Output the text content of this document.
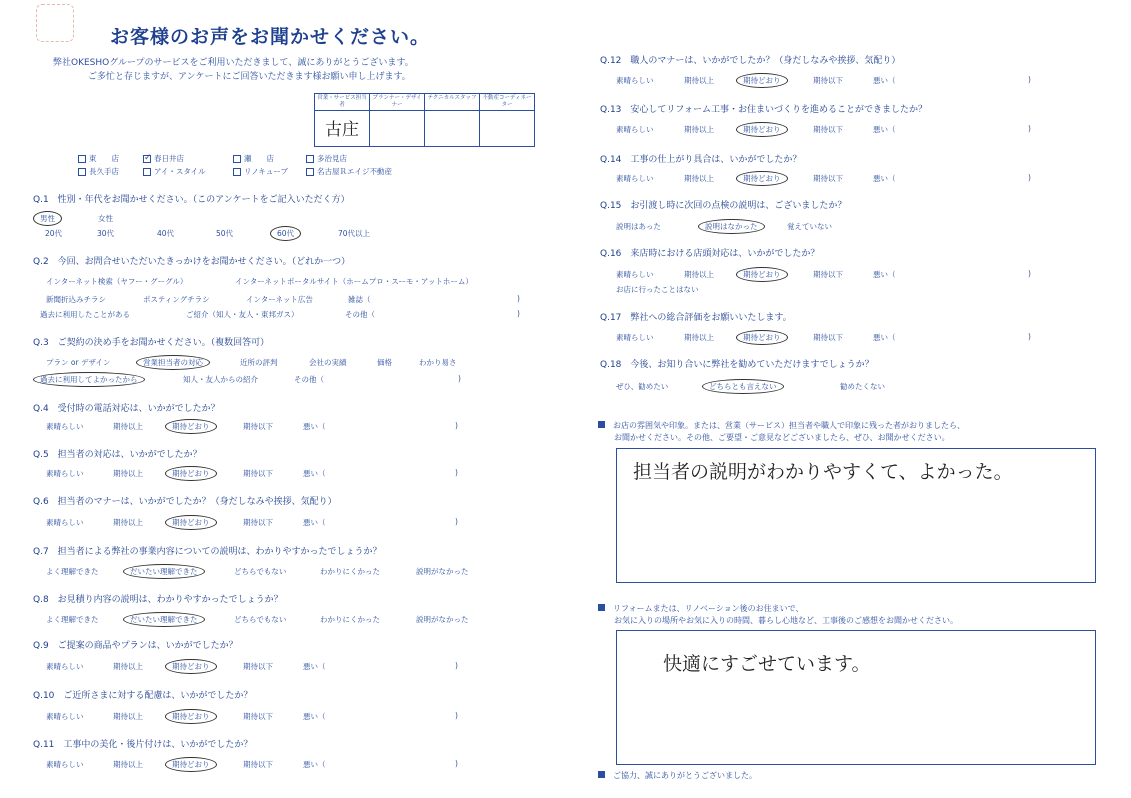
お客様のお声をお聞かせください。
弊社OKESHOグループのサービスをご利用いただきまして、誠にありがとうございます。
ご多忙と存じますが、アンケートにご回答いただきます様お願い申し上げます。
営業・サービス担当者
古庄
プランナー・デザイナー
テクニカルスタッフ	不動産コーディネーター
東　　店
✓	春日井店	瀬　　店	多治見店
長久手店	アイ・スタイル	リノキューブ	名古屋Ｒエイジ不動産
Q.1　性別・年代をお聞かせください。（このアンケートをご記入いただく方）
男性	女性
20代	30代	40代	50代	60代	70代以上
Q.2　今回、お問合せいただいたきっかけをお聞かせください。（どれか一つ）
インターネット検索（ヤフー・グーグル）	インターネットポータルサイト（ホームプロ・スーモ・アットホーム）
新聞折込みチラシ	ポスティングチラシ	インターネット広告	雑誌（	)
過去に利用したことがある	ご紹介（知人・友人・東邦ガス）	その他（	)
Q.3　ご契約の決め手をお聞かせください。（複数回答可）
プラン or デザイン	営業担当者の対応	近所の評判	会社の実績	価格	わかり易さ
過去に利用してよかったから	知人・友人からの紹介	その他（	)
Q.4　受付時の電話対応は、いかがでしたか？
素晴らしい	期待以上	期待どおり	期待以下	悪い（	)
Q.5　担当者の対応は、いかがでしたか？
素晴らしい	期待以上	期待どおり	期待以下	悪い（	)
Q.6　担当者のマナーは、いかがでしたか？（身だしなみや挨拶、気配り）
素晴らしい	期待以上	期待どおり	期待以下	悪い（	)
Q.7　担当者による弊社の事業内容についての説明は、わかりやすかったでしょうか？
よく理解できた	だいたい理解できた	どちらでもない	わかりにくかった	説明がなかった
Q.8　お見積り内容の説明は、わかりやすかったでしょうか？
よく理解できた	だいたい理解できた	どちらでもない	わかりにくかった	説明がなかった
Q.9　ご提案の商品やプランは、いかがでしたか？
素晴らしい	期待以上	期待どおり	期待以下	悪い（	)
Q.10　ご近所さまに対する配慮は、いかがでしたか？
素晴らしい	期待以上	期待どおり	期待以下	悪い（	)
Q.11　工事中の美化・後片付けは、いかがでしたか？
素晴らしい	期待以上	期待どおり	期待以下	悪い（	)
Q.12　職人のマナーは、いかがでしたか？（身だしなみや挨拶、気配り）
素晴らしい	期待以上	期待どおり	期待以下	悪い（	)
Q.13　安心してリフォーム工事・お住まいづくりを進めることができましたか？
素晴らしい	期待以上	期待どおり	期待以下	悪い（	)
Q.14　工事の仕上がり具合は、いかがでしたか？
素晴らしい	期待以上	期待どおり	期待以下	悪い（	)
Q.15　お引渡し時に次回の点検の説明は、ございましたか？
説明はあった	説明はなかった	覚えていない
Q.16　来店時における店頭対応は、いかがでしたか？
素晴らしい	期待以上	期待どおり	期待以下	悪い（	)
お店に行ったことはない
Q.17　弊社への総合評価をお願いいたします。
素晴らしい	期待以上	期待どおり	期待以下	悪い（	)
Q.18　今後、お知り合いに弊社を勧めていただけますでしょうか？
ぜひ、勧めたい	どちらとも言えない	勧めたくない
お店の雰囲気や印象。または、営業（サービス）担当者や職人で印象に残った者がおりましたら、
お聞かせください。その他、ご要望・ご意見などございましたら、ぜひ、お聞かせください。
担当者の説明がわかりやすくて、よかった。
リフォームまたは、リノベーション後のお住まいで、
お気に入りの場所やお気に入りの時間、暮らし心地など、工事後のご感想をお聞かせください。
快適にすごせています。
ご協力、誠にありがとうございました。
